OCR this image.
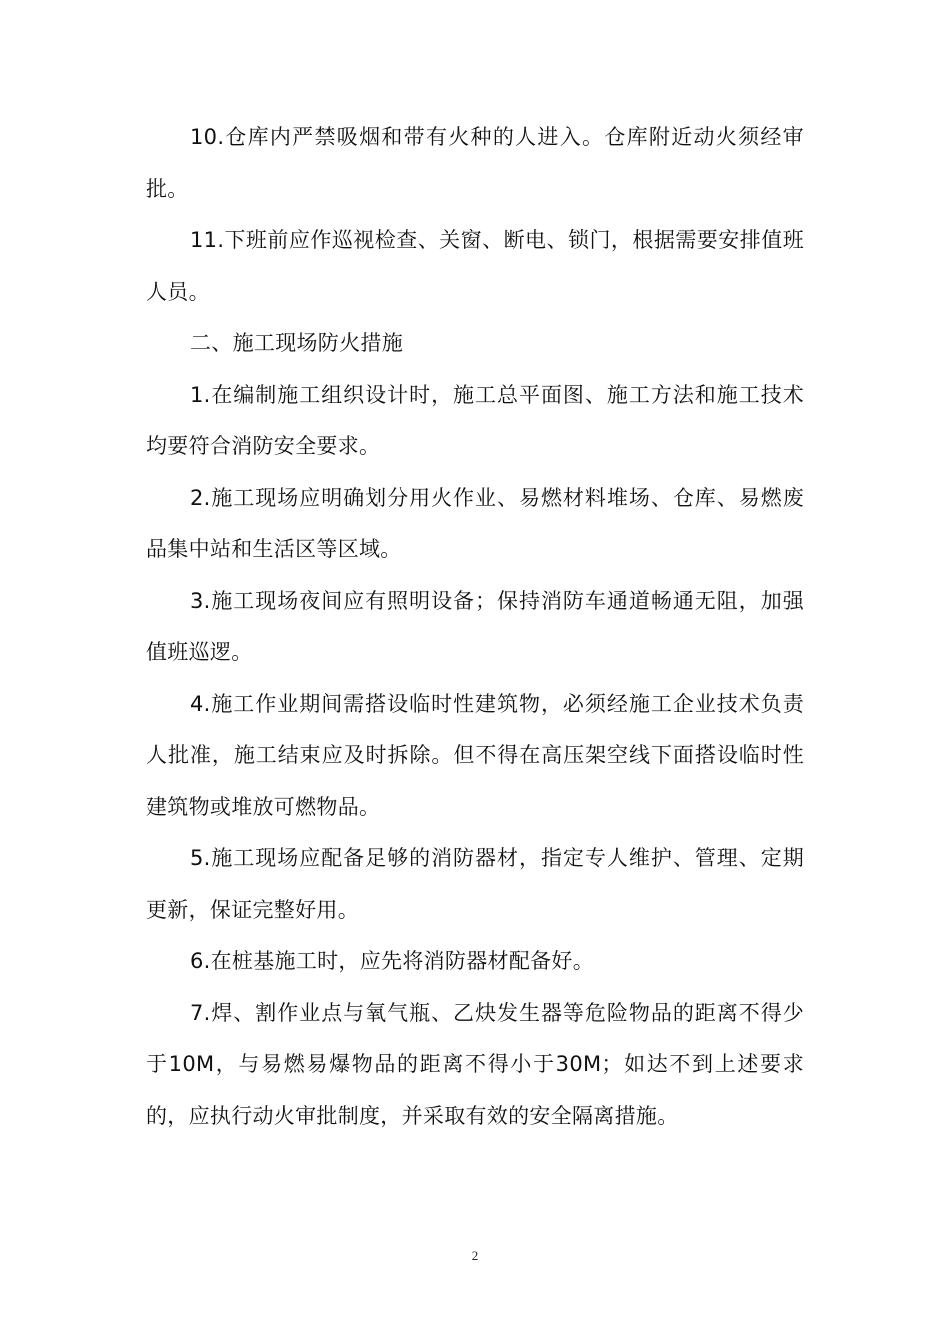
10.仓库内严禁吸烟和带有火种的人进入。仓库附近动火须经审批。

11.下班前应作巡视检查、关窗、断电、锁门，根据需要安排值班人员。

二、施工现场防火措施

1.在编制施工组织设计时，施工总平面图、施工方法和施工技术均要符合消防安全要求。

2.施工现场应明确划分用火作业、易燃材料堆场、仓库、易燃废品集中站和生活区等区域。

3.施工现场夜间应有照明设备；保持消防车通道畅通无阻，加强值班巡逻。

4.施工作业期间需搭设临时性建筑物，必须经施工企业技术负责人批准，施工结束应及时拆除。但不得在高压架空线下面搭设临时性建筑物或堆放可燃物品。

5.施工现场应配备足够的消防器材，指定专人维护、管理、定期更新，保证完整好用。

6.在桩基施工时，应先将消防器材配备好。

7.焊、割作业点与氧气瓶、乙炔发生器等危险物品的距离不得少于10M，与易燃易爆物品的距离不得小于30M；如达不到上述要求的，应执行动火审批制度，并采取有效的安全隔离措施。

2
